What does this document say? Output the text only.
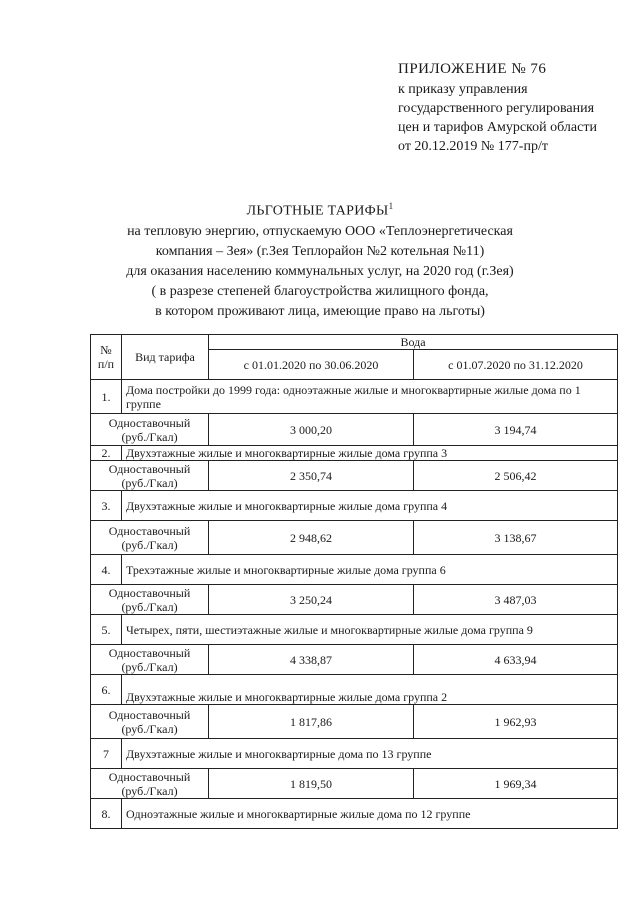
ПРИЛОЖЕНИЕ № 76
к приказу управления
государственного регулирования
цен и тарифов Амурской области
от 20.12.2019 № 177-пр/т
ЛЬГОТНЫЕ ТАРИФЫ$^1$
на тепловую энергию, отпускаемую ООО «Теплоэнергетическая
компания – Зея» (г.Зея Теплорайон №2 котельная №11)
для оказания населению коммунальных услуг, на 2020 год (г.Зея)
( в разрезе степеней благоустройства жилищного фонда,
в котором проживают лица, имеющие право на льготы)
№ п/п	Вид тарифа	Вода	
		с 01.01.2020 по 30.06.2020	с 01.07.2020 по 31.12.2020
1.	Дома постройки до 1999 года: одноэтажные жилые и многоквартирные жилые дома по 1 группе		
Одноставочный (руб./Гкал)		3 000,20	3 194,74
2.	Двухэтажные жилые и многоквартирные жилые дома группа 3		
Одноставочный (руб./Гкал)		2 350,74	2 506,42
3.	Двухэтажные жилые и многоквартирные жилые дома группа 4		
Одноставочный (руб./Гкал)		2 948,62	3 138,67
4.	Трехэтажные жилые и многоквартирные жилые дома группа 6		
Одноставочный (руб./Гкал)		3 250,24	3 487,03
5.	Четырех, пяти, шестиэтажные жилые и многоквартирные жилые дома группа 9		
Одноставочный (руб./Гкал)		4 338,87	4 633,94
6.	Двухэтажные жилые и многоквартирные жилые дома группа 2		
Одноставочный (руб./Гкал)		1 817,86	1 962,93
7	Двухэтажные жилые и многоквартирные дома по 13 группе		
Одноставочный (руб./Гкал)		1 819,50	1 969,34
8.	Одноэтажные жилые и многоквартирные жилые дома по 12 группе		
